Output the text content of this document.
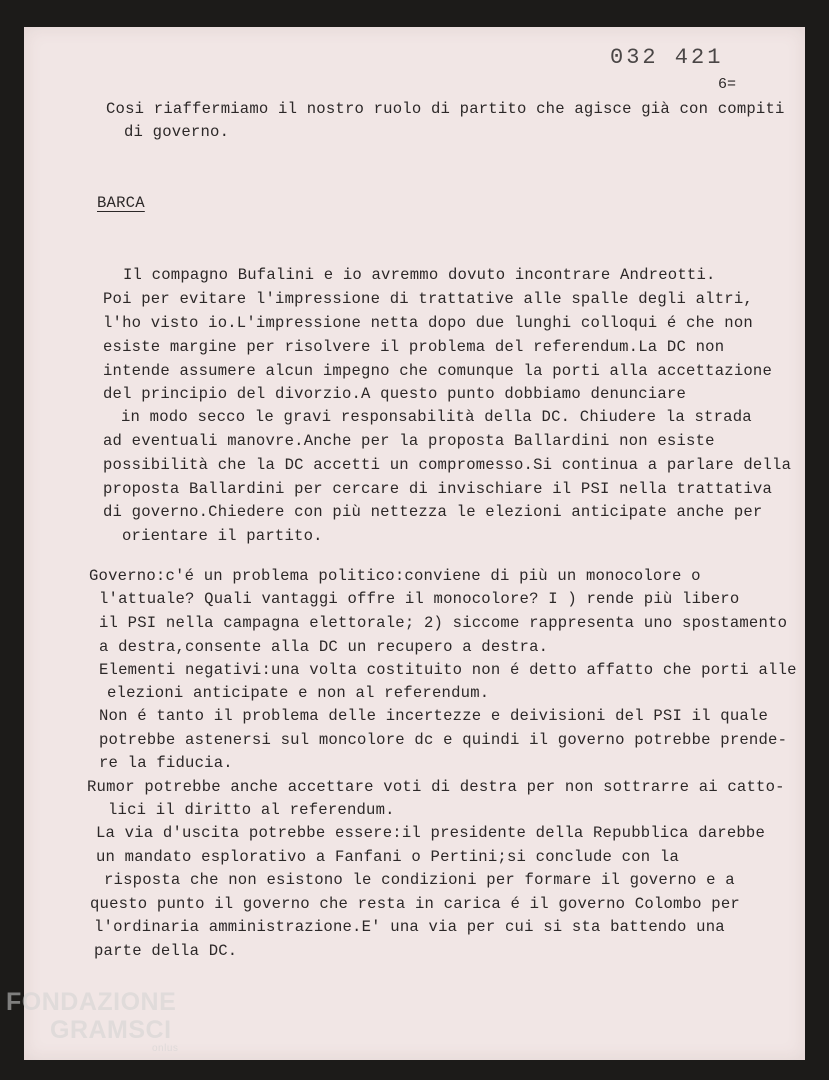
032 421
6=
Cosi riaffermiamo il nostro ruolo di partito che agisce già con compiti
di governo.
BARCA
Il compagno Bufalini e io avremmo dovuto incontrare Andreotti.
Poi per evitare l'impressione di trattative alle spalle degli altri,
l'ho visto io.L'impressione netta dopo due lunghi colloqui é che non
esiste margine per risolvere il problema del referendum.La DC non
intende assumere alcun impegno che comunque la porti alla accettazione
del principio del divorzio.A questo punto dobbiamo denunciare
in modo secco le gravi responsabilità della DC. Chiudere la strada
ad eventuali manovre.Anche per la proposta Ballardini non esiste
possibilità che la DC accetti un compromesso.Si continua a parlare della
proposta Ballardini per cercare di invischiare il PSI nella trattativa
di governo.Chiedere con più nettezza le elezioni anticipate anche per
orientare il partito.
Governo:c'é un problema politico:conviene di più un monocolore o
l'attuale? Quali vantaggi offre il monocolore? I ) rende più libero
il PSI nella campagna elettorale; 2) siccome rappresenta uno spostamento
a destra,consente alla DC un recupero a destra.
Elementi negativi:una volta costituito non é detto affatto che porti alle
elezioni anticipate e non al referendum.
Non é tanto il problema delle incertezze e deivisioni del PSI il quale
potrebbe astenersi sul moncolore dc e quindi il governo potrebbe prende-
re la fiducia.
Rumor potrebbe anche accettare voti di destra per non sottrarre ai catto-
lici il diritto al referendum.
La via d'uscita potrebbe essere:il presidente della Repubblica darebbe
un mandato esplorativo a Fanfani o Pertini;si conclude con la
risposta che non esistono le condizioni per formare il governo e a
questo punto il governo che resta in carica é il governo Colombo per
l'ordinaria amministrazione.E' una via per cui si sta battendo una
parte della DC.
FONDAZIONE
GRAMSCI
onlus
